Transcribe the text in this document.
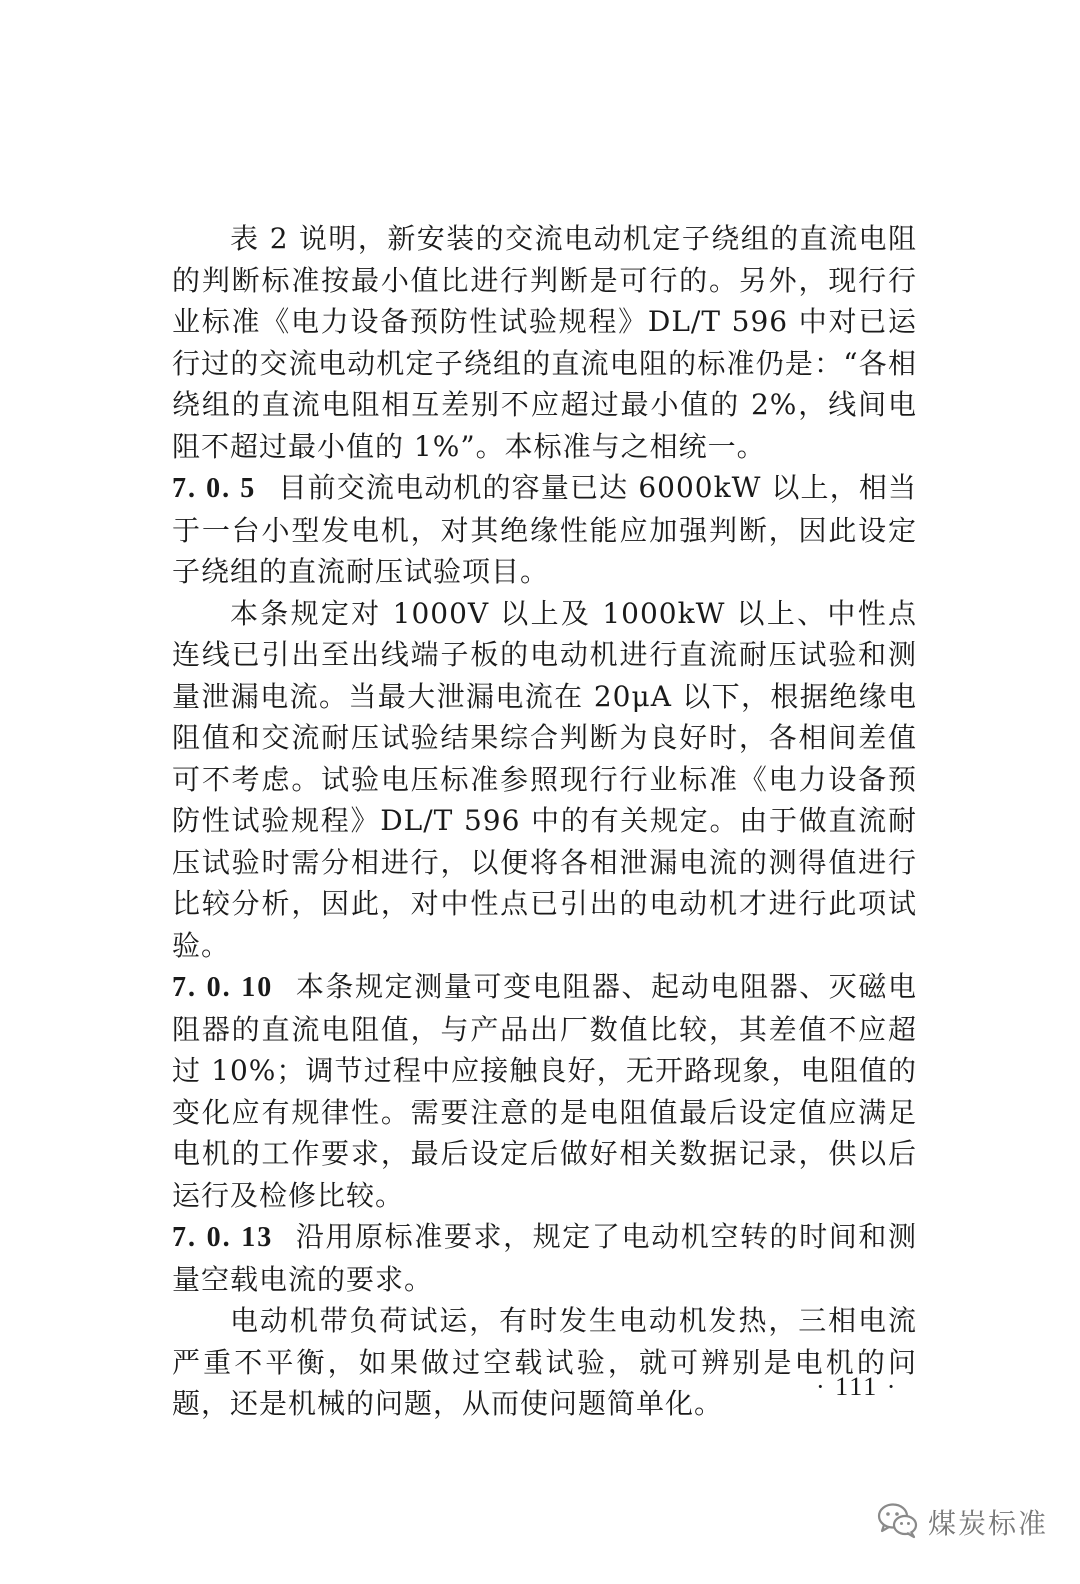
表 2 说明，新安装的交流电动机定子绕组的直流电阻的判断标准按最小值比进行判断是可行的。另外，现行行业标准《电力设备预防性试验规程》DL/T 596 中对已运行过的交流电动机定子绕组的直流电阻的标准仍是：“各相绕组的直流电阻相互差别不应超过最小值的 2%，线间电阻不超过最小值的 1%”。本标准与之相统一。

7. 0. 5 目前交流电动机的容量已达 6000kW 以上，相当于一台小型发电机，对其绝缘性能应加强判断，因此设定子绕组的直流耐压试验项目。

本条规定对 1000V 以上及 1000kW 以上、中性点连线已引出至出线端子板的电动机进行直流耐压试验和测量泄漏电流。当最大泄漏电流在 20μA 以下，根据绝缘电阻值和交流耐压试验结果综合判断为良好时，各相间差值可不考虑。试验电压标准参照现行行业标准《电力设备预防性试验规程》DL/T 596 中的有关规定。由于做直流耐压试验时需分相进行，以便将各相泄漏电流的测得值进行比较分析，因此，对中性点已引出的电动机才进行此项试验。

7. 0. 10 本条规定测量可变电阻器、起动电阻器、灭磁电阻器的直流电阻值，与产品出厂数值比较，其差值不应超过 10%；调节过程中应接触良好，无开路现象，电阻值的变化应有规律性。需要注意的是电阻值最后设定值应满足电机的工作要求，最后设定后做好相关数据记录，供以后运行及检修比较。

7. 0. 13 沿用原标准要求，规定了电动机空转的时间和测量空载电流的要求。

电动机带负荷试运，有时发生电动机发热，三相电流严重不平衡，如果做过空载试验，就可辨别是电机的问题，还是机械的问题，从而使问题简单化。

· 111 ·
煤炭标准
